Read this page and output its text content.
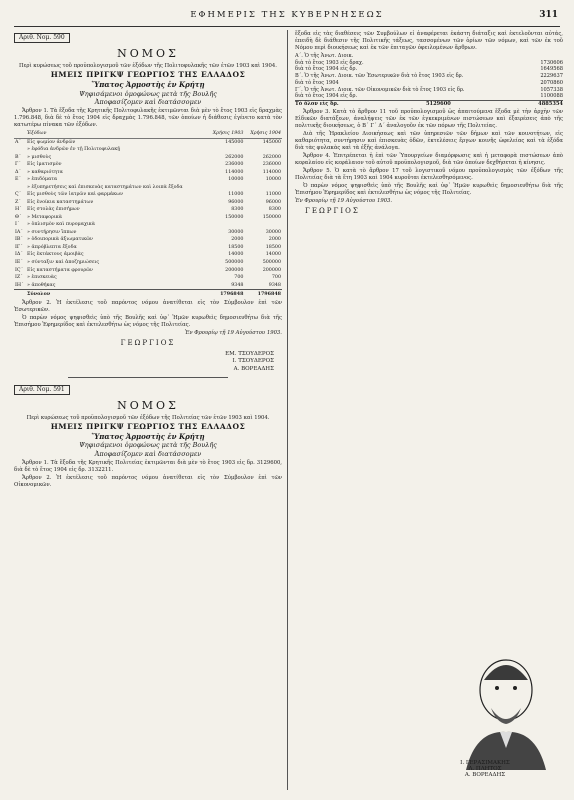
ΕΦΗΜΕΡΙΣ ΤΗΣ ΚΥΒΕΡΝΗΣΕΩΣ	311
Αριθ. Νομ. 590
ΝΟΜΟΣ
Περὶ κυρώσεως τοῦ προϋπολογισμοῦ τῶν ἐξόδων τῆς Πολιτοφυλακῆς τῶν ἐτῶν 1903 καὶ 1904.
ΗΜΕΙΣ ΠΡΙΓΚΨ ΓΕΩΡΓΙΟΣ ΤΗΣ ΕΛΛΑΔΟΣ
Ὕπατος Ἁρμοστὴς ἐν Κρήτῃ
Ψηφισάμενοι ὁμοφώνως μετὰ τῆς Βουλῆς
Ἀποφασίζομεν καὶ διατάσσομεν
Ἄρθρον 1. Τὰ ἔξοδα τῆς Κρητικῆς Πολιτοφυλακῆς ἐκτιμῶνται διὰ μὲν τὸ ἔτος 1903 εἰς δραχμὰς 1.796.848, διὰ δὲ τὸ ἔτος 1904 εἰς δραχμὰς 1.796.848, τῶν ὁποίων ἡ διάθεσις ἐγένετο κατὰ τὸν κατωτέρω πίνακα τῶν ἐξόδων.
	Ἐξόδων	Χρήσις 1903	Χρήσις 1904
Α´	Εἰς ψωμίον ἀνδρῶν	145000	145000
	» ἐφόδια ἀνδρῶν ἐν τῇ Πολιτοφυλακῇ		
Β´	» μισθοὺς	262000	262000
Γ´	Εἰς ἱματισμὸν	236000	236000
Δ´	» καθαριότητα	114000	114000
Ε´	» ἐπιδόματα	10000	10000
	» ἐξυπηρετήσεις καὶ ἐπισκευὰς καταστημάτων καὶ λοιπὰ ἔξοδα		
Ϛ´	Εἰς μισθοὺς τῶν ἰατρῶν καὶ φαρμάκων	11000	11000
Ζ´	Εἰς ἐνοίκια καταστημάτων	96000	96000
Η´	Εἰς στολὰς ἐπισήμων	8300	8300
Θ´	» Μεταφορικὰ	150000	150000
Ι´	» ὁπλισμὸν καὶ πυρομαχικὰ		
ΙΑ´	» συντήρησιν ἵππων	30000	30000
ΙΒ´	» ὁδοιπορικὰ ἀξιωματικῶν	2000	2000
ΙΓ´	» ἀπρόβλεπτα ἔξοδα	18500	18500
ΙΔ´	Εἰς ἐκτάκτους ἀμοιβὰς	14000	14000
ΙΕ´	» σύνταξιν καὶ ἀποζημιώσεις	500000	500000
ΙϚ´	Εἰς καταστήματα φρουρῶν	200000	200000
ΙΖ´	» ἐπισκευὰς	700	700
ΙΗ´	» ἀποθήκας	9348	9348
	Σύνολον	1796848	1796848
Ἄρθρον 2. Ἡ ἐκτέλεσις τοῦ παρόντος νόμου ἀνατίθεται εἰς τὸν Σύμβουλον ἐπὶ τῶν Ἐσωτερικῶν.
Ὁ παρὼν νόμος ψηφισθεὶς ὑπὸ τῆς Βουλῆς καὶ ὑφ᾽ Ἡμῶν κυρωθεὶς δημοσιευθήτω διὰ τῆς Ἐπισήμου Ἐφημερίδος καὶ ἐκτελεσθήτω ὡς νόμος τῆς Πολιτείας.
Ἐν Φρουρίῳ τῇ 19 Αὐγούστου 1903.
ΓΕΩΡΓΙΟΣ
ΕΜ. ΤΣΟΥΔΕΡΟΣ
Ι. ΤΣΟΥΔΕΡΟΣ
Α. ΒΟΡΕΑΔΗΣ
Αριθ. Νομ. 591
ΝΟΜΟΣ
Περὶ κυρώσεως τοῦ προϋπολογισμοῦ τῶν ἐξόδων τῆς Πολιτείας τῶν ἐτῶν 1903 καὶ 1904.
ΗΜΕΙΣ ΠΡΙΓΚΨ ΓΕΩΡΓΙΟΣ ΤΗΣ ΕΛΛΑΔΟΣ
Ὕπατος Ἁρμοστὴς ἐν Κρήτῃ
Ψηφισάμενοι ὁμοφώνως μετὰ τῆς Βουλῆς
Ἀποφασίζομεν καὶ διατάσσομεν
Ἄρθρον 1. Τὰ ἔξοδα τῆς Κρητικῆς Πολιτείας ἐκτιμῶνται διὰ μὲν τὸ ἔτος 1903 εἰς δρ. 3129600, διὰ δὲ τὸ ἔτος 1904 εἰς δρ. 3132211.
Ἄρθρον 2. Ἡ ἐκτέλεσις τοῦ παρόντος νόμου ἀνατίθεται εἰς τὸν Σύμβουλον ἐπὶ τῶν Οἰκονομικῶν.
ἔξοδα εἰς τὰς διαθέσεις τῶν Συμβούλων εἰ ἀναφέρεται ἐκάστη διάταξις καὶ ἐκτελοῦνται αὐτάς, ἐπειδὴ δὲ διάθεσιν τῆς Πολιτικῆς τάξεως, τασσομένων τῶν ὁρίων τῶν νόμων, καὶ τῶν ἐκ τοῦ Νόμου περὶ διοικήσεως καὶ ἐκ τῶν ἐπιταγῶν ὀφειλομένων ἄρθρων.
Α´. Ὁ τῆς Ἀνωτ. Διοικ.
διὰ τὸ ἔτος 1903 εἰς δραχ.	1730606
διὰ τὸ ἔτος 1904 εἰς δρ.	1649568
Β´. Ὁ τῆς Ἀνωτ. Διοικ. τῶν Ἐσωτερικῶν διὰ τὸ ἔτος 1903 εἰς δρ.	2229637
διὰ τὸ ἔτος 1904	2070860
Γ´. Ὁ τῆς Ἀνωτ. Διοικ. τῶν Οἰκονομικῶν διὰ τὸ ἔτος 1903 εἰς δρ.	1057338
διὰ τὸ ἔτος 1904 εἰς δρ.	1100088
Τὸ ὅλον εἰς δρ.	5129600	4885354
Ἄρθρον 3. Κατὰ τὸ ἄρθρον 11 τοῦ προϋπολογισμοῦ ὡς ἀπαιτούμενα ἔξοδα μὲ τὴν ἀρχὴν τῶν Εἰδικῶν διατάξεων, ἀναλήψεις τῶν ἐκ τῶν ἐγκεκριμένων πιστώσεων καὶ ἐξαιρέσεις ἀπὸ τῆς πολιτικῆς διοικήσεως, ὁ Β´ Γ´ Δ´ ἀναλογοῦν ἐκ τῶν πόρων τῆς Πολιτείας.
Διὰ τῆς Ἡρακλείου Διοικήσεως καὶ τῶν ὑπηρεσιῶν τῶν δήμων καὶ τῶν κοινοτήτων, εἰς καθαριότητα, συντήρησιν καὶ ἐπισκευὰς ὁδῶν, ἐκτελέσεις ἔργων κοινῆς ὠφελείας καὶ τὰ ἐξόδα διὰ τὰς φυλακὰς καὶ τὰ ἐξῆς ἀνάλογα.
Ἄρθρον 4. Ἐπιτρέπεται ἡ ἐπὶ τῶν Ὑπουργείων διαμόρφωσις καὶ ἡ μεταφορὰ πιστώσεων ἀπὸ κεφαλαίου εἰς κεφάλαιον τοῦ αὐτοῦ προϋπολογισμοῦ, διὰ τῶν ὁποίων δεχθήσεται ἡ κίνησις.
Ἄρθρον 5. Ὁ κατὰ τὸ ἄρθρον 17 τοῦ λογιστικοῦ νόμου προϋπολογισμὸς τῶν ἐξόδων τῆς Πολιτείας διὰ τὰ ἔτη 1903 καὶ 1904 κυροῦται ἐκτελεσθησόμενος.
Ὁ παρὼν νόμος ψηφισθεὶς ὑπὸ τῆς Βουλῆς καὶ ὑφ᾽ Ἡμῶν κυρωθεὶς δημοσιευθήτω διὰ τῆς Ἐπισήμου Ἐφημερίδος καὶ ἐκτελεσθήτω ὡς νόμος τῆς Πολιτείας.
Ἐν Φρουρίῳ τῇ 19 Αὐγούστου 1903.
ΓΕΩΡΓΙΟΣ
Ι. ΓΕΡΑΣΙΜΑΚΗΣ
Λ. ΠΛΗΤΟΣ
Α. ΒΟΡΕΑΔΗΣ
